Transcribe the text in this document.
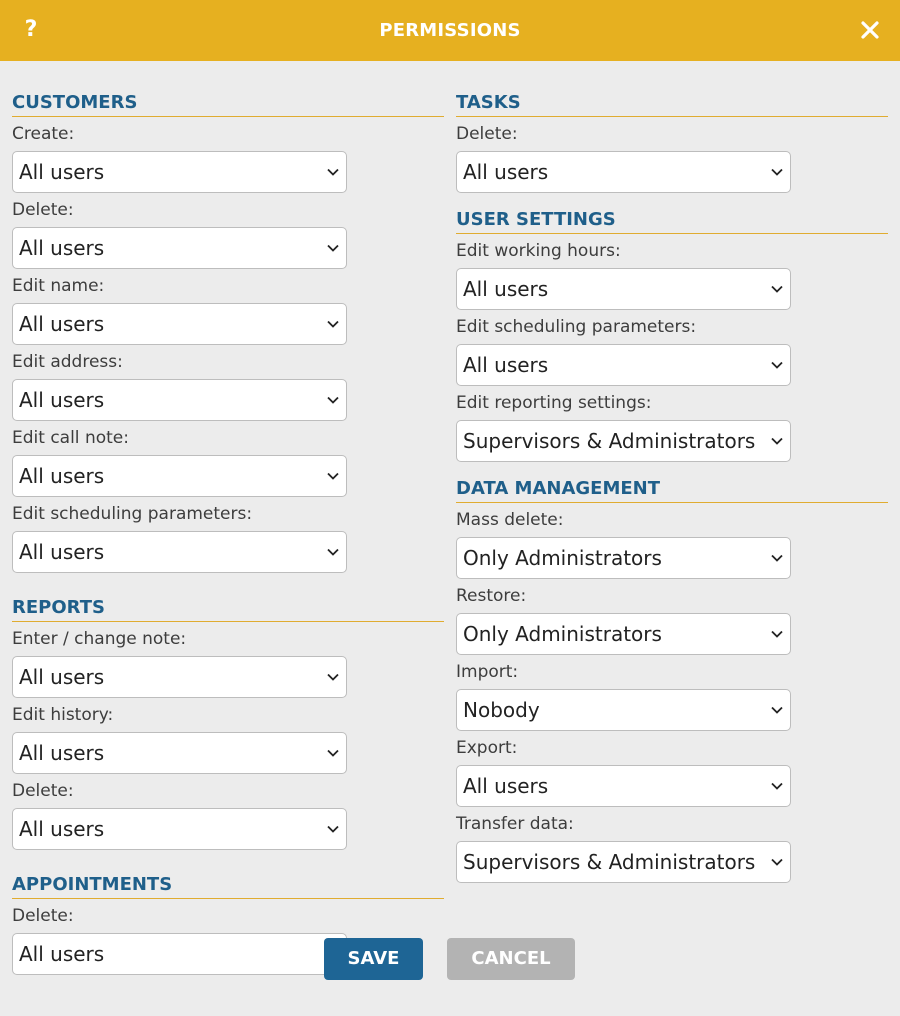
PERMISSIONS
?
CUSTOMERS
Create:
All users
Delete:
All users
Edit name:
All users
Edit address:
All users
Edit call note:
All users
Edit scheduling parameters:
All users
REPORTS
Enter / change note:
All users
Edit history:
All users
Delete:
All users
APPOINTMENTS
Delete:
All users
TASKS
Delete:
All users
USER SETTINGS
Edit working hours:
All users
Edit scheduling parameters:
All users
Edit reporting settings:
Supervisors & Administrators
DATA MANAGEMENT
Mass delete:
Only Administrators
Restore:
Only Administrators
Import:
Nobody
Export:
All users
Transfer data:
Supervisors & Administrators
SAVE	CANCEL
